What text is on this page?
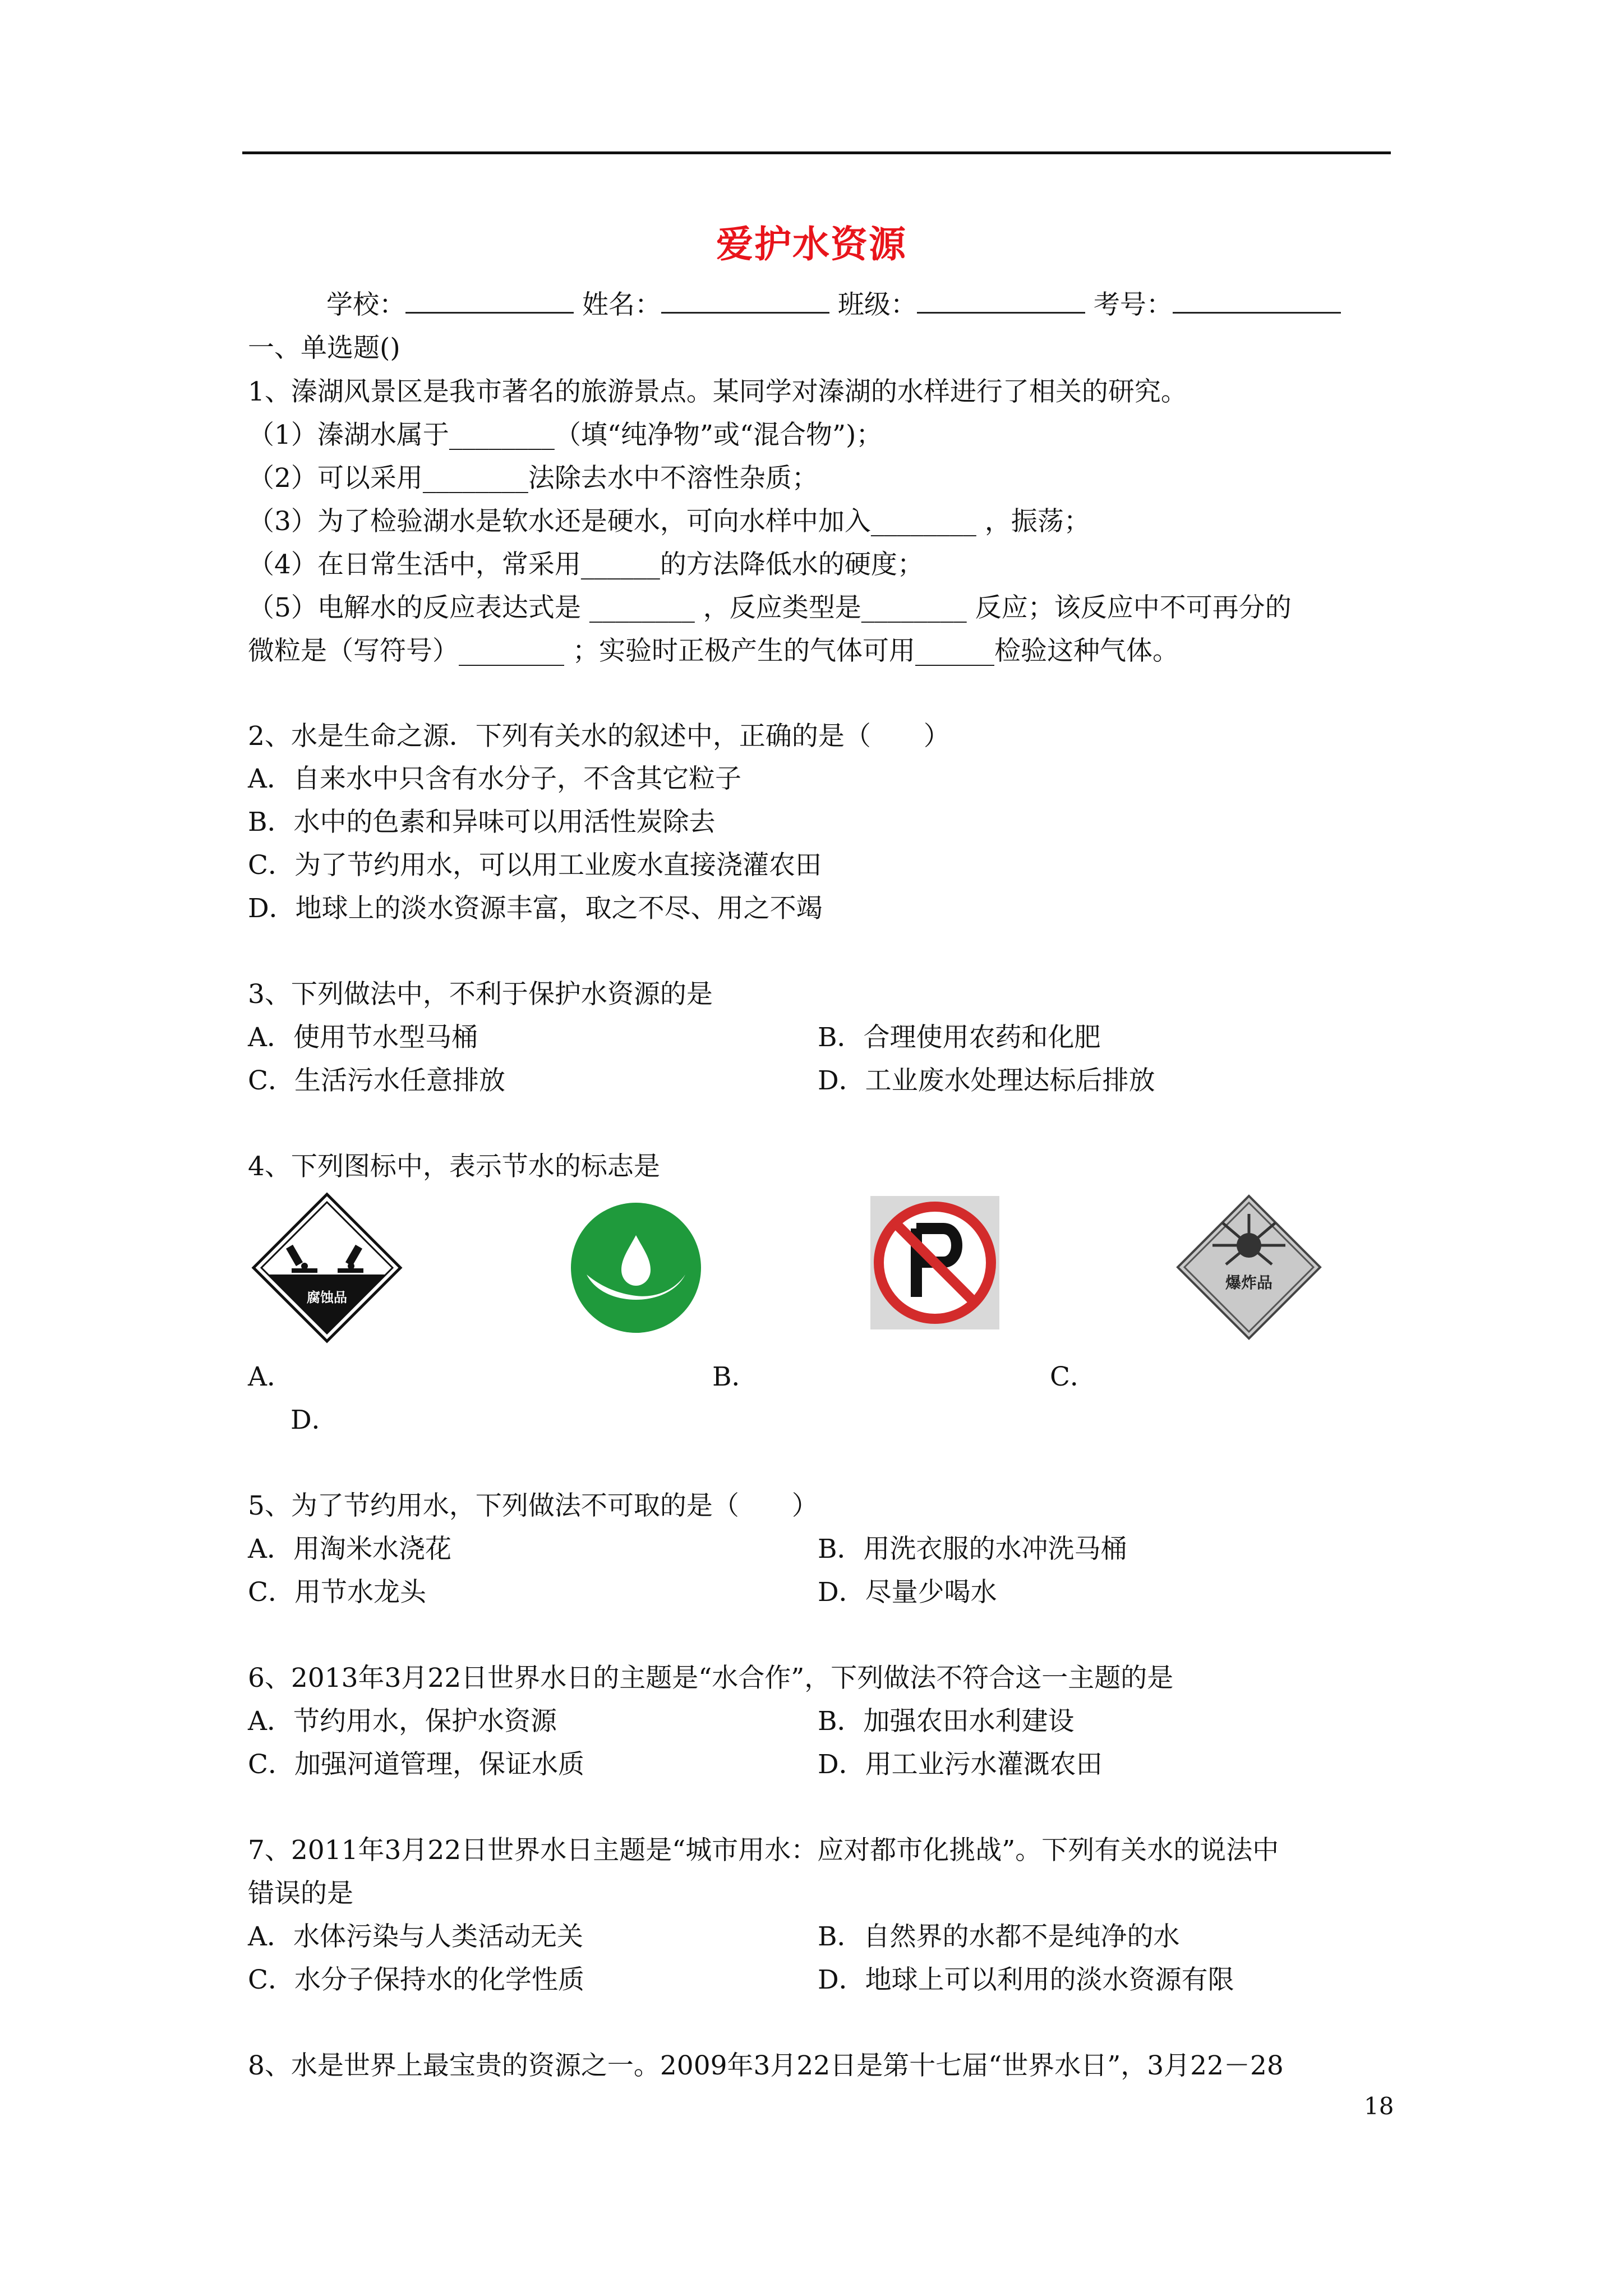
爱护水资源
学校：	姓名：	班级：	考号：
一、单选题()
1、溱湖风景区是我市著名的旅游景点。某同学对溱湖的水样进行了相关的研究。
（1）溱湖水属于________（填“纯净物”或“混合物”)；
（2）可以采用________法除去水中不溶性杂质；
（3）为了检验湖水是软水还是硬水，可向水样中加入________ ，振荡；
（4）在日常生活中，常采用______的方法降低水的硬度；
（5）电解水的反应表达式是 ________ ，反应类型是________ 反应；该反应中不可再分的
微粒是（写符号）________ ；实验时正极产生的气体可用______检验这种气体。
2、水是生命之源．下列有关水的叙述中，正确的是（　　）
A．自来水中只含有水分子，不含其它粒子
B．水中的色素和异味可以用活性炭除去
C．为了节约用水，可以用工业废水直接浇灌农田
D．地球上的淡水资源丰富，取之不尽、用之不竭
3、下列做法中，不利于保护水资源的是
A．使用节水型马桶	B．合理使用农药和化肥
C．生活污水任意排放	D．工业废水处理达标后排放
4、下列图标中，表示节水的标志是
腐蚀品
爆炸品
A．	B．	C．
D．
5、为了节约用水，下列做法不可取的是（　　）
A．用淘米水浇花	B．用洗衣服的水冲洗马桶
C．用节水龙头	D．尽量少喝水
6、2013年3月22日世界水日的主题是“水合作”，下列做法不符合这一主题的是
A．节约用水，保护水资源	B．加强农田水利建设
C．加强河道管理，保证水质	D．用工业污水灌溉农田
7、2011年3月22日世界水日主题是“城市用水：应对都市化挑战”。下列有关水的说法中
错误的是
A．水体污染与人类活动无关	B．自然界的水都不是纯净的水
C．水分子保持水的化学性质	D．地球上可以利用的淡水资源有限
8、水是世界上最宝贵的资源之一。2009年3月22日是第十七届“世界水日”，3月22－28
18
